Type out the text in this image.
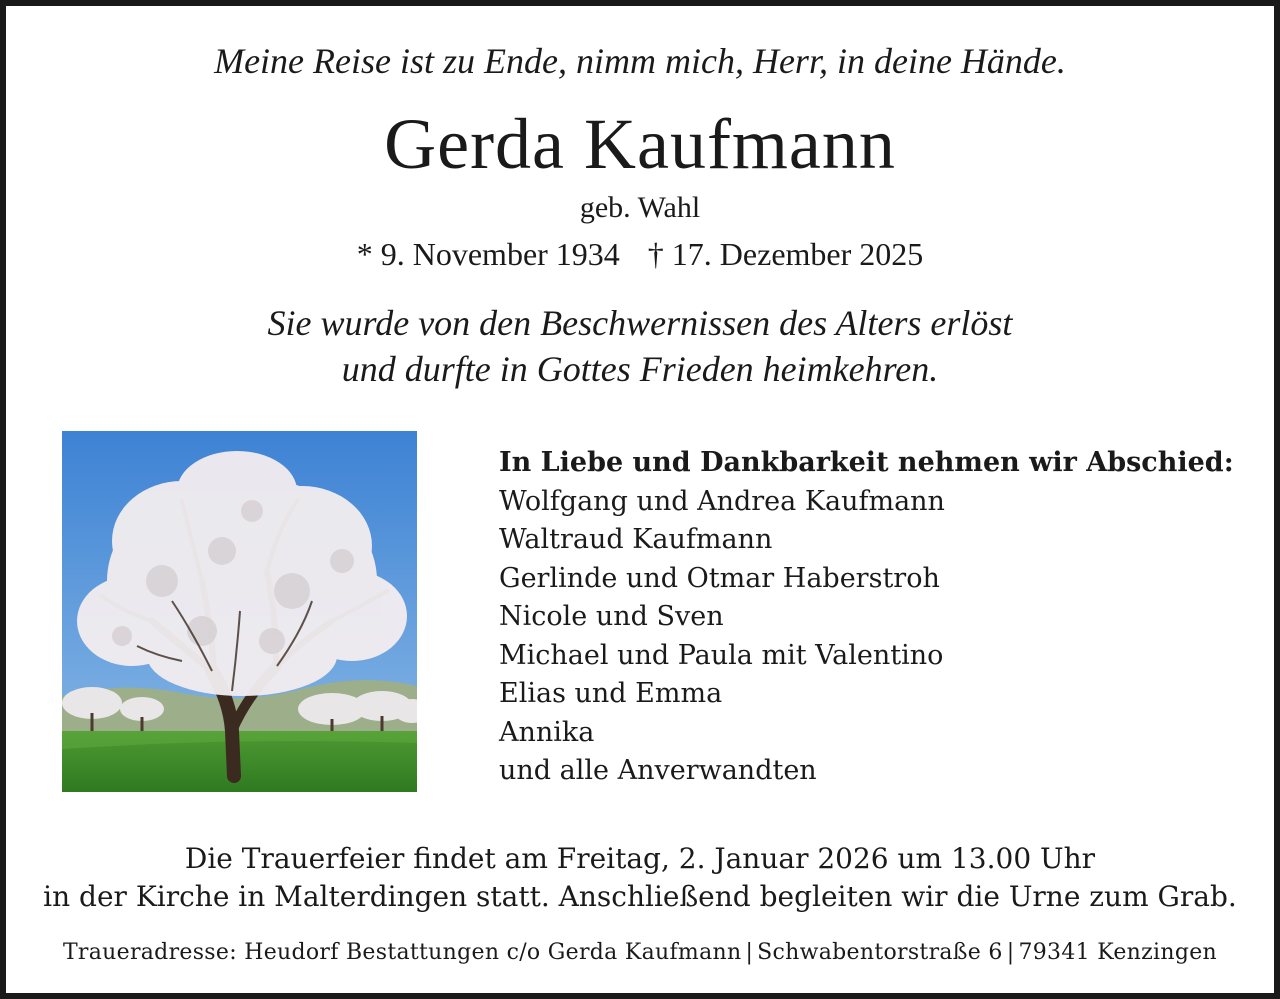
Meine Reise ist zu Ende, nimm mich, Herr, in deine Hände.
Gerda Kaufmann
geb. Wahl
* 9. November 1934 † 17. Dezember 2025
Sie wurde von den Beschwernissen des Alters erlöst
und durfte in Gottes Frieden heimkehren.
In Liebe und Dankbarkeit nehmen wir Abschied:
Wolfgang und Andrea Kaufmann
Waltraud Kaufmann
Gerlinde und Otmar Haberstroh
Nicole und Sven
Michael und Paula mit Valentino
Elias und Emma
Annika
und alle Anverwandten
Die Trauerfeier findet am Freitag, 2. Januar 2026 um 13.00 Uhr
in der Kirche in Malterdingen statt. Anschließend begleiten wir die Urne zum Grab.
Traueradresse: Heudorf Bestattungen c/o Gerda Kaufmann | Schwabentorstraße 6 | 79341 Kenzingen
